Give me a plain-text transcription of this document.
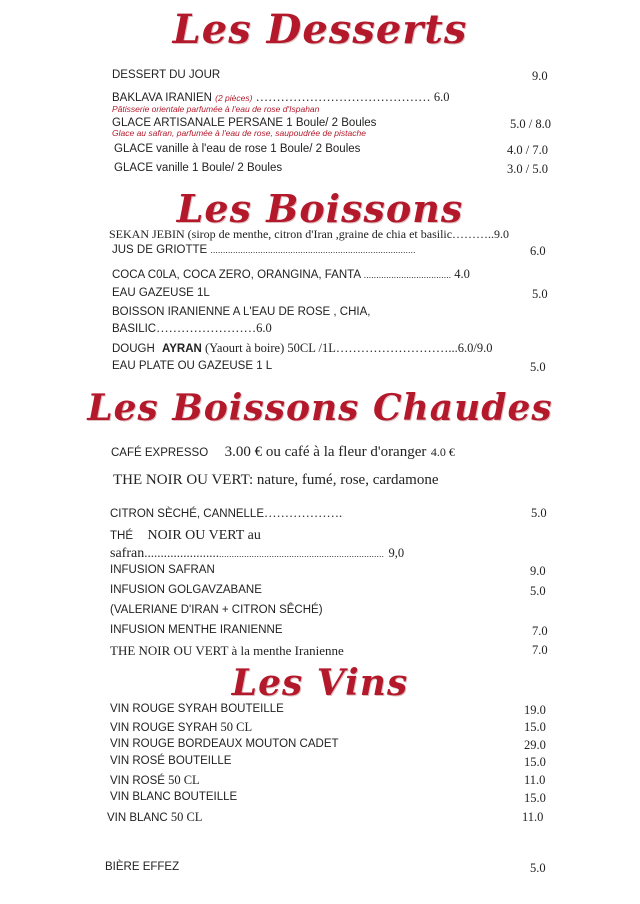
Les Desserts
DESSERT DU JOUR	9.0
BAKLAVA IRANIEN (2 pièces) …………………………………… 6.0
Pâtisserie orientale parfumée à l'eau de rose d'Ispahan
GLACE ARTISANALE PERSANE 1 Boule/ 2 Boules	5.0 / 8.0
Glace au safran, parfumée à l'eau de rose, saupoudrée de pistache
GLACE vanille à l'eau de rose 1 Boule/ 2 Boules	4.0 / 7.0
GLACE vanille 1 Boule/ 2 Boules	3.0 / 5.0
Les Boissons
SEKAN JEBIN (sirop de menthe, citron d'Iran ,graine de chia et basilic………..9.0
JUS DE GRIOTTE ..................................................................................	6.0
COCA C0LA, COCA ZERO, ORANGINA, FANTA ................................... 4.0
EAU GAZEUSE 1L	5.0
BOISSON IRANIENNE A L'EAU DE ROSE , CHIA,
BASILIC……………………6.0
DOUGH AYRAN (Yaourt à boire) 50CL /1L………………………...6.0/9.0
EAU PLATE OU GAZEUSE 1 L	5.0
Les Boissons Chaudes
CAFÉ EXPRESSO 3.00 € ou café à la fleur d'oranger 4.0 €
THE NOIR OU VERT: nature, fumé, rose, cardamone
CITRON SÈCHÉ, CANNELLE……………….	5.0
THÉ NOIR OU VERT au
safran......................................................................................... 9,0
INFUSION SAFRAN	9.0
INFUSION GOLGAVZABANE	5.0
(VALERIANE D'IRAN + CITRON SÊCHÉ)
INFUSION MENTHE IRANIENNE	7.0
THE NOIR OU VERT à la menthe Iranienne	7.0
Les Vins
VIN ROUGE SYRAH BOUTEILLE	19.0
VIN ROUGE SYRAH 50 CL	15.0
VIN ROUGE BORDEAUX MOUTON CADET	29.0
VIN ROSÉ BOUTEILLE	15.0
VIN ROSÉ 50 CL	11.0
VIN BLANC BOUTEILLE	15.0
VIN BLANC 50 CL	11.0
BIÈRE EFFEZ	5.0
